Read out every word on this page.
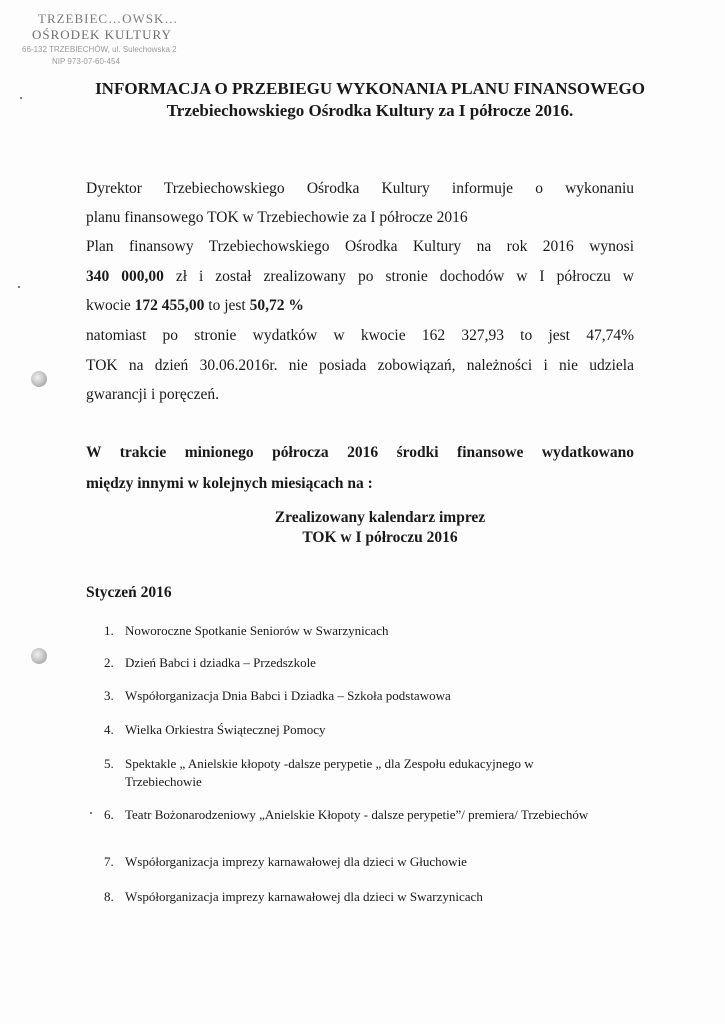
TRZEBIEC…OWSK…
OŚRODEK KULTURY
66-132 TRZEBIECHÓW, ul. Sulechowska 2
NIP 973-07-60-454
INFORMACJA O PRZEBIEGU WYKONANIA PLANU FINANSOWEGO Trzebiechowskiego Ośrodka Kultury za I półrocze 2016.
Dyrektor Trzebiechowskiego Ośrodka Kultury informuje o wykonaniu
planu finansowego TOK w Trzebiechowie za I półrocze 2016
Plan finansowy Trzebiechowskiego Ośrodka Kultury na rok 2016 wynosi
340 000,00 zł i został zrealizowany po stronie dochodów w I półroczu w
kwocie 172 455,00 to jest 50,72 %
natomiast po stronie wydatków w kwocie 162 327,93 to jest 47,74%
TOK na dzień 30.06.2016r. nie posiada zobowiązań, należności i nie udziela
gwarancji i poręczeń.
W trakcie minionego półrocza 2016 środki finansowe wydatkowano
między innymi w kolejnych miesiącach na :
Zrealizowany kalendarz imprez
TOK w I półroczu 2016
Styczeń 2016
1. Noworoczne Spotkanie Seniorów w Swarzynicach
2. Dzień Babci i dziadka – Przedszkole
3. Współorganizacja Dnia Babci i Dziadka – Szkoła podstawowa
4. Wielka Orkiestra Świątecznej Pomocy
5. Spektakle „ Anielskie kłopoty -dalsze perypetie „ dla Zespołu edukacyjnego w Trzebiechowie
6. Teatr Bożonarodzeniowy „Anielskie Kłopoty - dalsze perypetie”/ premiera/ Trzebiechów
7. Współorganizacja imprezy karnawałowej dla dzieci w Głuchowie
8. Współorganizacja imprezy karnawałowej dla dzieci w Swarzynicach
